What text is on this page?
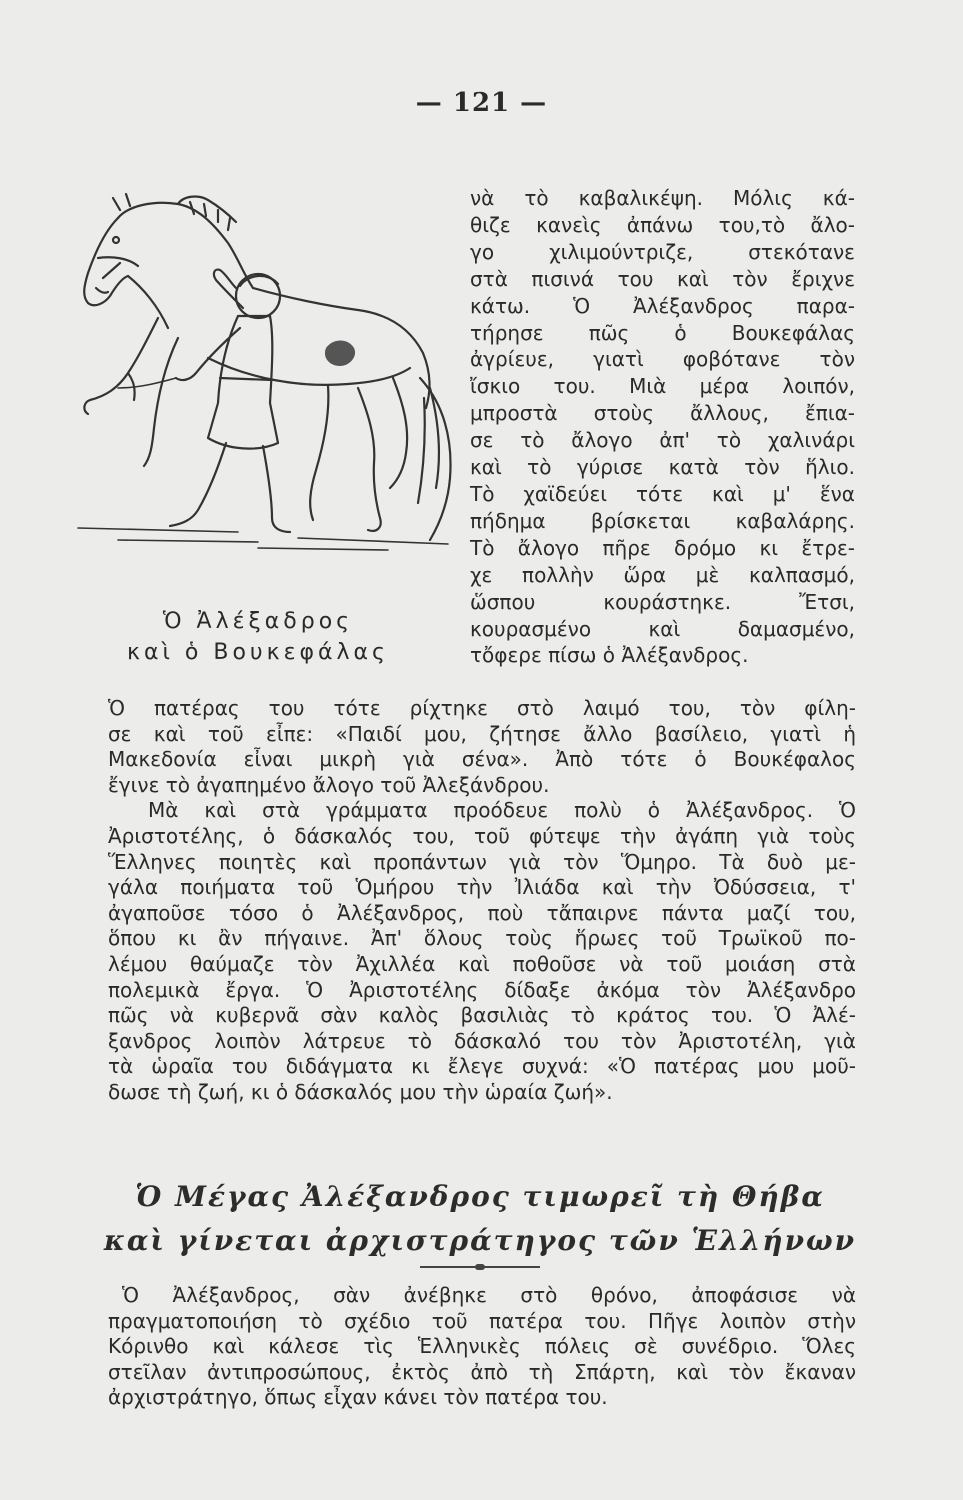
— 121 —
Ὁ Ἀλέξαδρος
καὶ ὁ Βουκεφάλας
νὰ τὸ καβαλικέψη. Μόλις κά-
θιζε κανεὶς ἀπάνω του,τὸ ἄλο-
γο χιλιμούντριζε, στεκότανε
στὰ πισινά του καὶ τὸν ἔριχνε
κάτω. Ὁ Ἀλέξανδρος παρα-
τήρησε πῶς ὁ Βουκεφάλας
ἀγρίευε, γιατὶ φοβότανε τὸν
ἴσκιο του. Μιὰ μέρα λοιπόν,
μπροστὰ στοὺς ἄλλους, ἔπια-
σε τὸ ἄλογο ἀπ' τὸ χαλινάρι
καὶ τὸ γύρισε κατὰ τὸν ἥλιο.
Τὸ χαϊδεύει τότε καὶ μ' ἕνα
πήδημα βρίσκεται καβαλάρης.
Τὸ ἄλογο πῆρε δρόμο κι ἔτρε-
χε πολλὴν ὥρα μὲ καλπασμό,
ὥσπου κουράστηκε. Ἔτσι,
κουρασμένο καὶ δαμασμένο,
τὄφερε πίσω ὁ Ἀλέξανδρος.
Ὁ πατέρας του τότε ρίχτηκε στὸ λαιμό του, τὸν φίλη-
σε καὶ τοῦ εἶπε: «Παιδί μου, ζήτησε ἄλλο βασίλειο, γιατὶ ἡ
Μακεδονία εἶναι μικρὴ γιὰ σένα». Ἀπὸ τότε ὁ Βουκέφαλος
ἔγινε τὸ ἀγαπημένο ἄλογο τοῦ Ἀλεξάνδρου.
Μὰ καὶ στὰ γράμματα προόδευε πολὺ ὁ Ἀλέξανδρος. Ὁ
Ἀριστοτέλης, ὁ δάσκαλός του, τοῦ φύτεψε τὴν ἀγάπη γιὰ τοὺς
Ἕλληνες ποιητὲς καὶ προπάντων γιὰ τὸν Ὅμηρο. Τὰ δυὸ με-
γάλα ποιήματα τοῦ Ὁμήρου τὴν Ἰλιάδα καὶ τὴν Ὀδύσσεια, τ'
ἀγαποῦσε τόσο ὁ Ἀλέξανδρος, ποὺ τἄπαιρνε πάντα μαζί του,
ὅπου κι ἂν πήγαινε. Ἀπ' ὅλους τοὺς ἥρωες τοῦ Τρωϊκοῦ πο-
λέμου θαύμαζε τὸν Ἀχιλλέα καὶ ποθοῦσε νὰ τοῦ μοιάση στὰ
πολεμικὰ ἔργα. Ὁ Ἀριστοτέλης δίδαξε ἀκόμα τὸν Ἀλέξανδρο
πῶς νὰ κυβερνᾶ σὰν καλὸς βασιλιὰς τὸ κράτος του. Ὁ Ἀλέ-
ξανδρος λοιπὸν λάτρευε τὸ δάσκαλό του τὸν Ἀριστοτέλη, γιὰ
τὰ ὡραῖα του διδάγματα κι ἔλεγε συχνά: «Ὁ πατέρας μου μοῦ-
δωσε τὴ ζωή, κι ὁ δάσκαλός μου τὴν ὡραία ζωή».
Ὁ Μέγας Ἀλέξανδρος τιμωρεῖ τὴ Θήβα
καὶ γίνεται ἀρχιστράτηγος τῶν Ἑλλήνων
Ὁ Ἀλέξανδρος, σὰν ἀνέβηκε στὸ θρόνο, ἀποφάσισε νὰ
πραγματοποιήση τὸ σχέδιο τοῦ πατέρα του. Πῆγε λοιπὸν στὴν
Κόρινθο καὶ κάλεσε τὶς Ἑλληνικὲς πόλεις σὲ συνέδριο. Ὅλες
στεῖλαν ἀντιπροσώπους, ἐκτὸς ἀπὸ τὴ Σπάρτη, καὶ τὸν ἔκαναν
ἀρχιστράτηγο, ὅπως εἶχαν κάνει τὸν πατέρα του.
